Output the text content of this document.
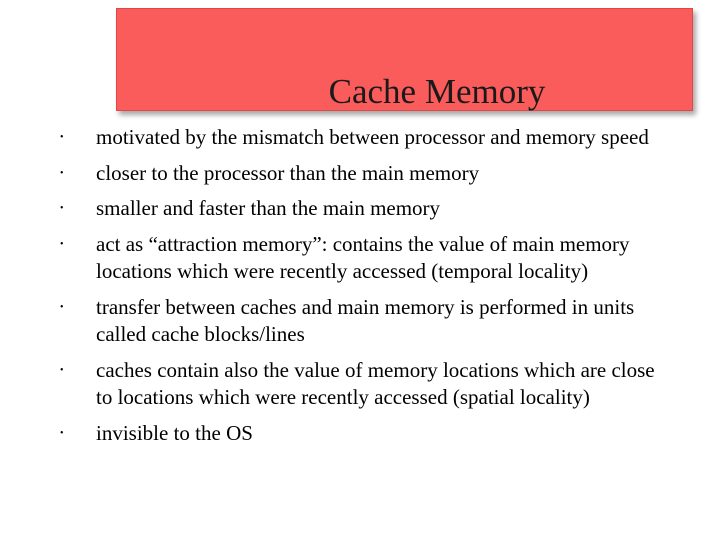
Cache Memory
•	motivated by the mismatch between processor and memory speed
•	closer to the processor than the main memory
•	smaller and faster than the main memory
•	act as “attraction memory”: contains the value of main memory locations which were recently accessed (temporal locality)
•	transfer between caches and main memory is performed in units called cache blocks/lines
•	caches contain also the value of memory locations which are close to locations which were recently accessed (spatial locality)
•	invisible to the OS
